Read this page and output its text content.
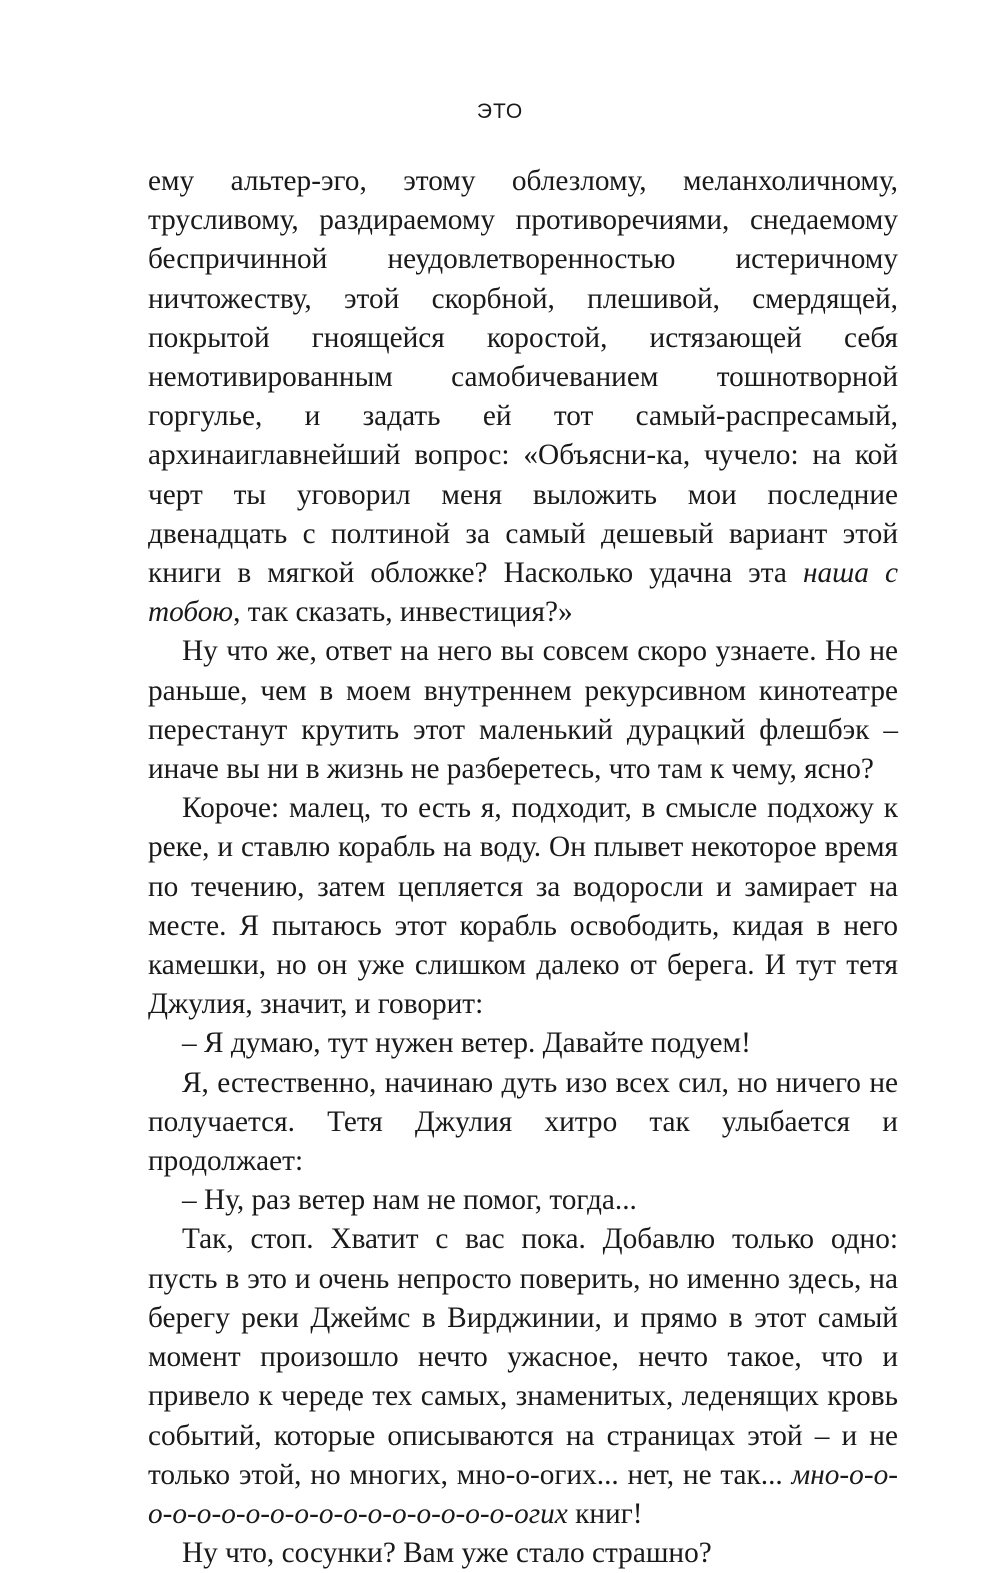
ЭТО

ему альтер-эго, этому облезлому, меланхоличному, трусливому, раздираемому противоречиями, снедаемому беспричинной неудовлетворенностью истеричному ничтожеству, этой скорбной, плешивой, смердящей, покрытой гноящейся коростой, истязающей себя немотивированным самобичеванием тошнотворной горгулье, и задать ей тот самый-распресамый, архинаиглавнейший вопрос: «Объясни-ка, чучело: на кой черт ты уговорил меня выложить мои последние двенадцать с полтиной за самый дешевый вариант этой книги в мягкой обложке? Насколько удачна эта наша с тобою, так сказать, инвестиция?»

Ну что же, ответ на него вы совсем скоро узнаете. Но не раньше, чем в моем внутреннем рекурсивном кинотеатре перестанут крутить этот маленький дурацкий флешбэк – иначе вы ни в жизнь не разберетесь, что там к чему, ясно?

Короче: малец, то есть я, подходит, в смысле подхожу к реке, и ставлю корабль на воду. Он плывет некоторое время по течению, затем цепляется за водоросли и замирает на месте. Я пытаюсь этот корабль освободить, кидая в него камешки, но он уже слишком далеко от берега. И тут тетя Джулия, значит, и говорит:

– Я думаю, тут нужен ветер. Давайте подуем!

Я, естественно, начинаю дуть изо всех сил, но ничего не получается. Тетя Джулия хитро так улыбается и продолжает:

– Ну, раз ветер нам не помог, тогда...

Так, стоп. Хватит с вас пока. Добавлю только одно: пусть в это и очень непросто поверить, но именно здесь, на берегу реки Джеймс в Вирджинии, и прямо в этот самый момент произошло нечто ужасное, нечто такое, что и привело к череде тех самых, знаменитых, леденящих кровь событий, которые описываются на страницах этой – и не только этой, но многих, мно-о-огих... нет, не так... мно-о-о-о-о-о-о-о-о-о-о-о-о-о-о-о-о-о-огих книг!

Ну что, сосунки? Вам уже стало страшно?
